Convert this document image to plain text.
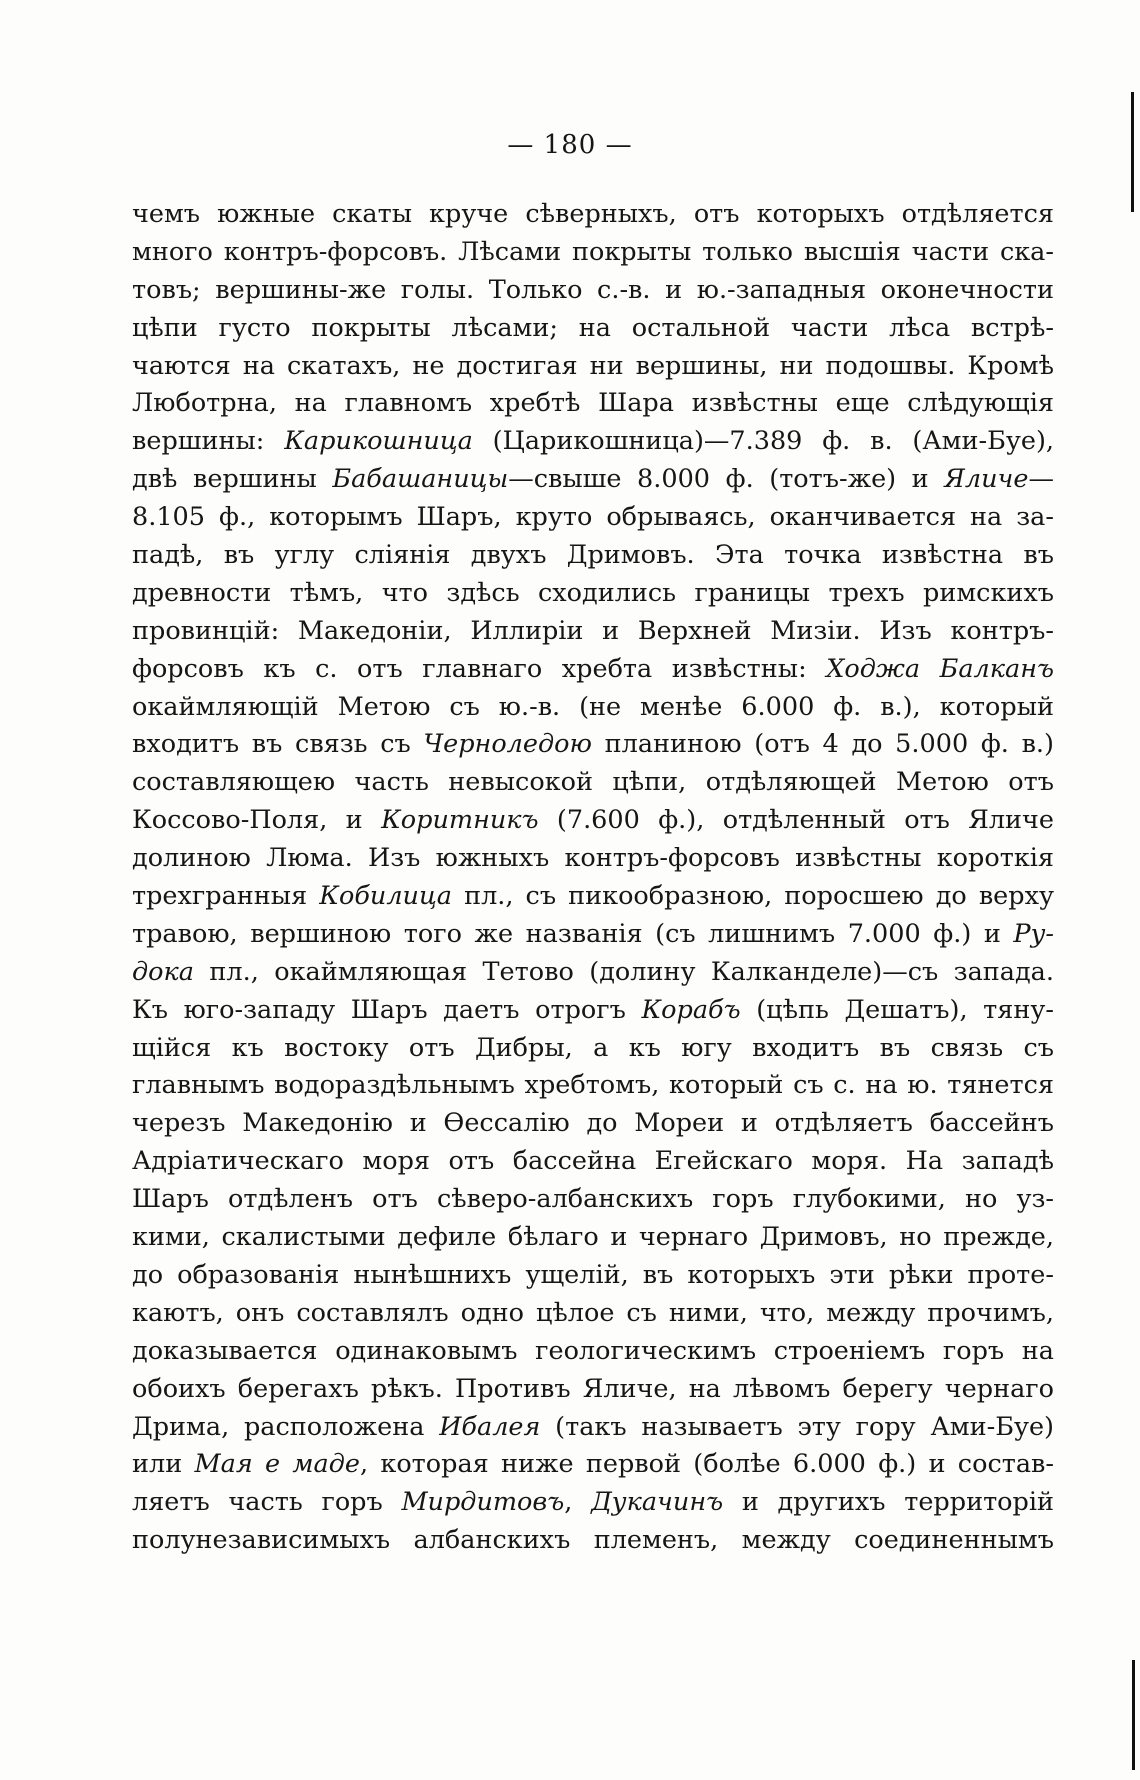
— 180 —
чемъ южные скаты круче сѣверныхъ, отъ которыхъ отдѣляется
много контръ-форсовъ. Лѣсами покрыты только высшія части ска-
товъ; вершины-же голы. Только с.-в. и ю.-западныя оконечности
цѣпи густо покрыты лѣсами; на остальной части лѣса встрѣ-
чаются на скатахъ, не достигая ни вершины, ни подошвы. Кромѣ
Люботрна, на главномъ хребтѣ Шара извѣстны еще слѣдующія
вершины: Карикошница (Царикошница)—7.389 ф. в. (Ами-Буе),
двѣ вершины Бабашаницы—свыше 8.000 ф. (тотъ-же) и Яличе—
8.105 ф., которымъ Шаръ, круто обрываясь, оканчивается на за-
падѣ, въ углу сліянія двухъ Дримовъ. Эта точка извѣстна въ
древности тѣмъ, что здѣсь сходились границы трехъ римскихъ
провинцій: Македоніи, Иллиріи и Верхней Мизіи. Изъ контръ-
форсовъ къ с. отъ главнаго хребта извѣстны: Ходжа Балканъ
окаймляющій Метою съ ю.-в. (не менѣе 6.000 ф. в.), который
входитъ въ связь съ Черноледою планиною (отъ 4 до 5.000 ф. в.)
составляющею часть невысокой цѣпи, отдѣляющей Метою отъ
Коссово-Поля, и Коритникъ (7.600 ф.), отдѣленный отъ Яличе
долиною Люма. Изъ южныхъ контръ-форсовъ извѣстны короткія
трехгранныя Кобилица пл., съ пикообразною, поросшею до верху
травою, вершиною того же названія (съ лишнимъ 7.000 ф.) и Ру-
дока пл., окаймляющая Тетово (долину Калканделе)—съ запада.
Къ юго-западу Шаръ даетъ отрогъ Корабъ (цѣпь Дешатъ), тяну-
щійся къ востоку отъ Дибры, а къ югу входитъ въ связь съ
главнымъ водораздѣльнымъ хребтомъ, который съ с. на ю. тянется
черезъ Македонію и Ѳессалію до Мореи и отдѣляетъ бассейнъ
Адріатическаго моря отъ бассейна Егейскаго моря. На западѣ
Шаръ отдѣленъ отъ сѣверо-албанскихъ горъ глубокими, но уз-
кими, скалистыми дефиле бѣлаго и чернаго Дримовъ, но прежде,
до образованія нынѣшнихъ ущелій, въ которыхъ эти рѣки проте-
каютъ, онъ составлялъ одно цѣлое съ ними, что, между прочимъ,
доказывается одинаковымъ геологическимъ строеніемъ горъ на
обоихъ берегахъ рѣкъ. Противъ Яличе, на лѣвомъ берегу чернаго
Дрима, расположена Ибалея (такъ называетъ эту гору Ами-Буе)
или Мая е маде, которая ниже первой (болѣе 6.000 ф.) и состав-
ляетъ часть горъ Мирдитовъ, Дукачинъ и другихъ территорій
полунезависимыхъ албанскихъ племенъ, между соединеннымъ
